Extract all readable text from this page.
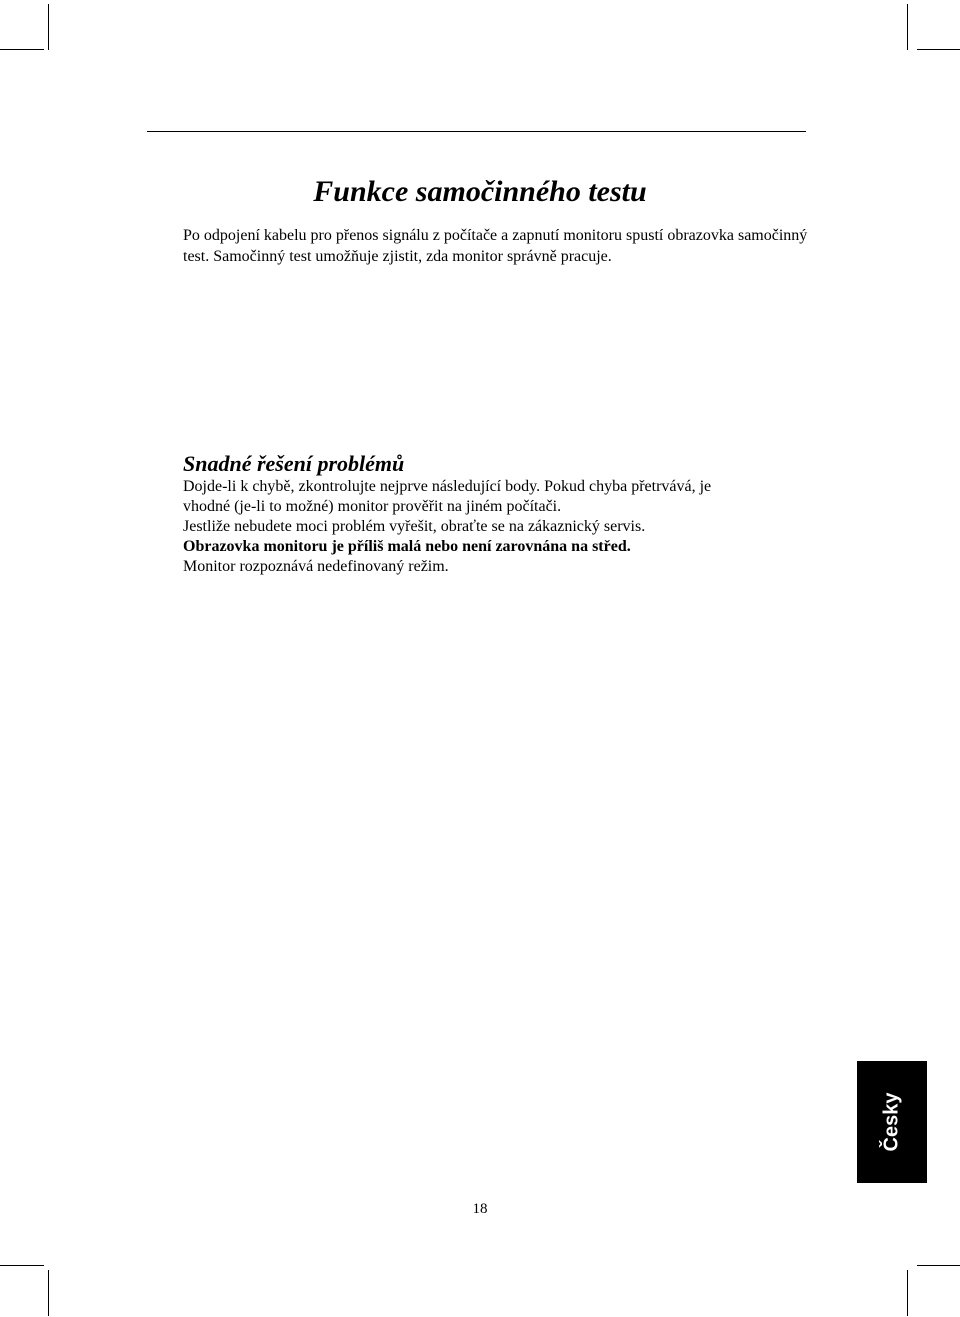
Funkce samočinného testu

Po odpojení kabelu pro přenos signálu z počítače a zapnutí monitoru spustí obrazovka samočinný test. Samočinný test umožňuje zjistit, zda monitor správně pracuje.

Snadné řešení problémů

Dojde-li k chybě, zkontrolujte nejprve následující body. Pokud chyba přetrvává, je

vhodné (je-li to možné) monitor prověřit na jiném počítači.

Jestliže nebudete moci problém vyřešit, obraťte se na zákaznický servis.

Obrazovka monitoru je příliš malá nebo není zarovnána na střed.

Monitor rozpoznává nedefinovaný režim.

Česky

18
